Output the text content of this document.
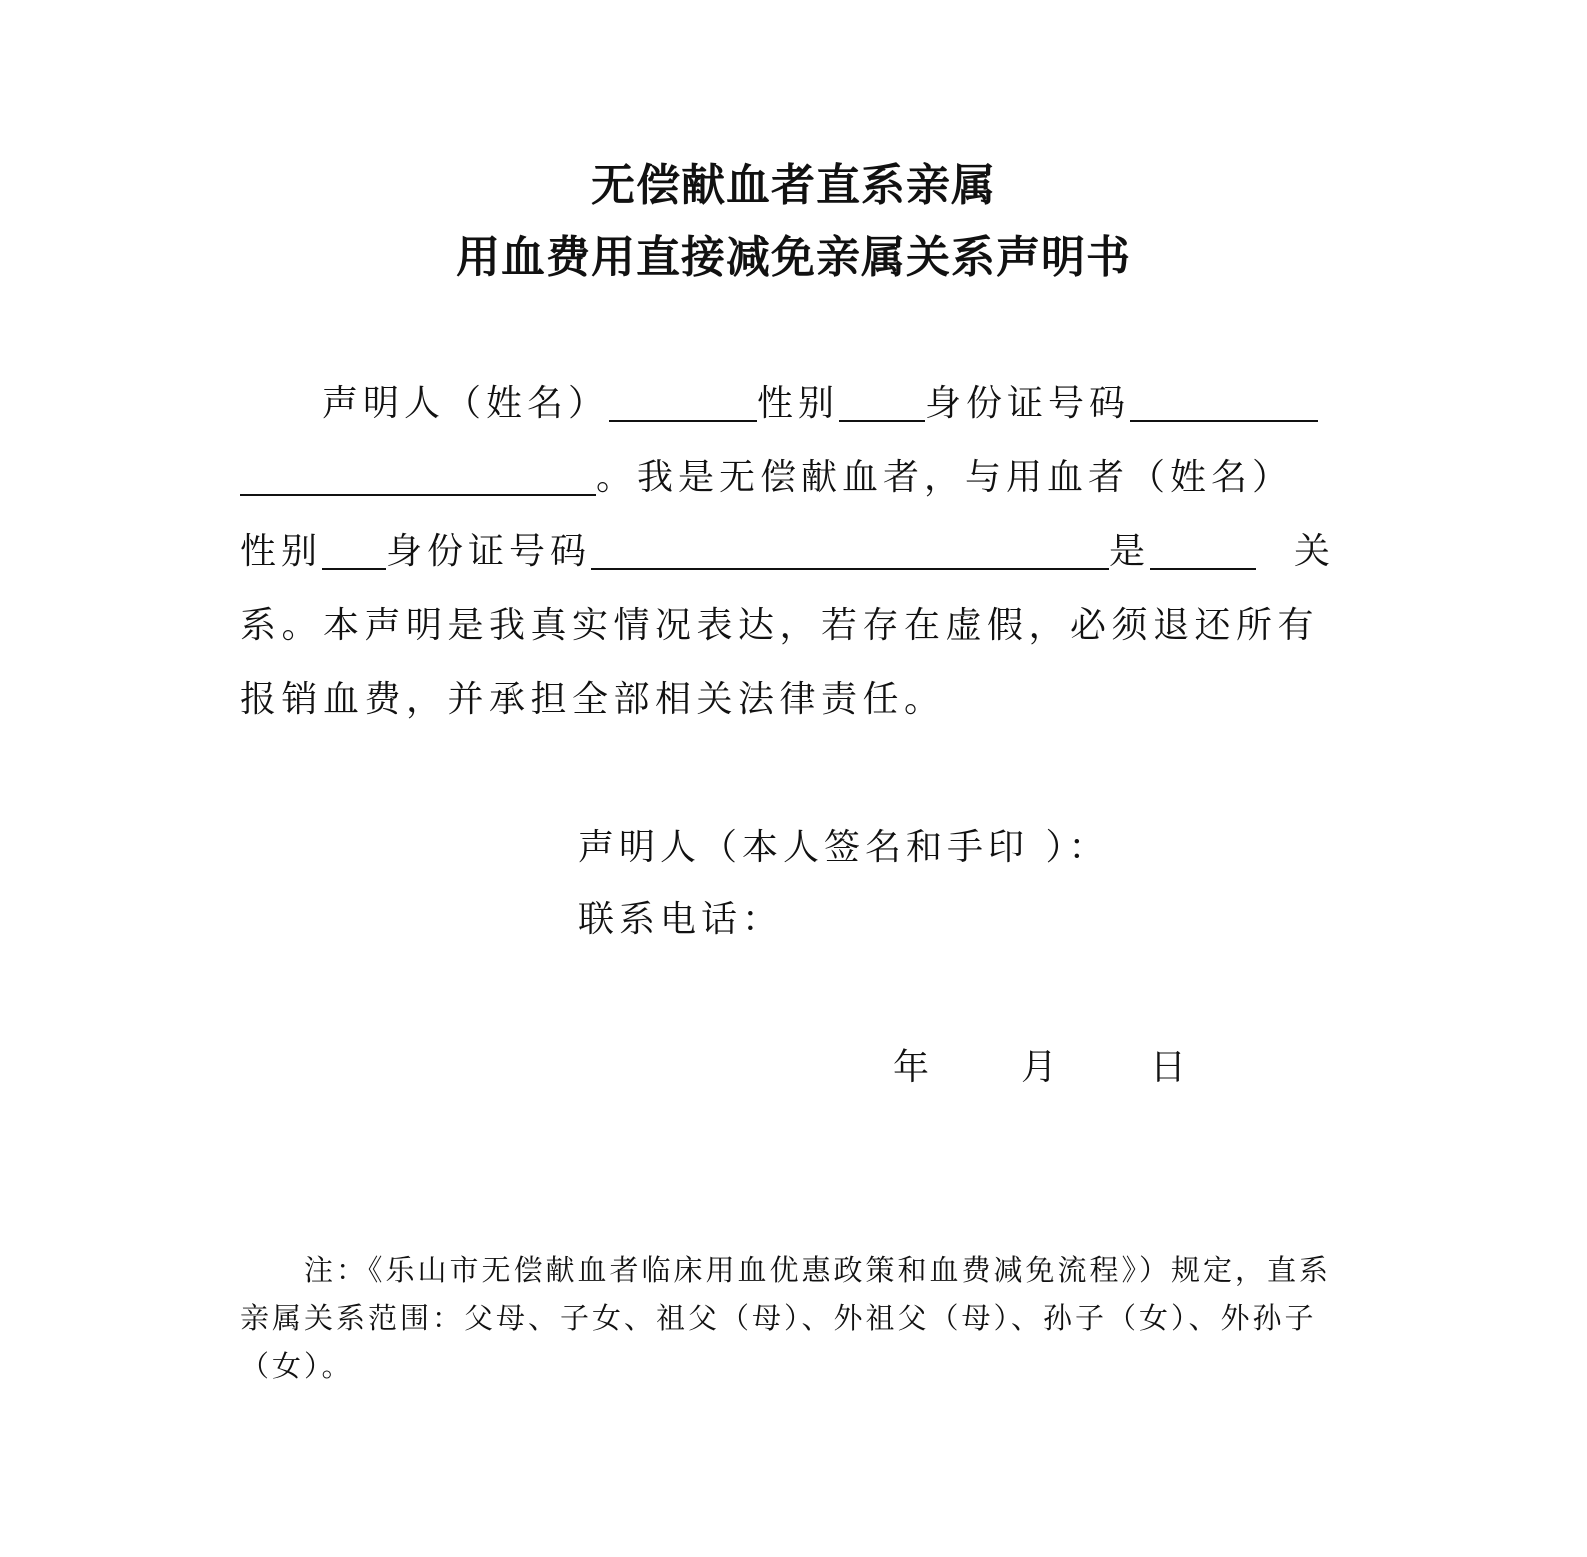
无偿献血者直系亲属
用血费用直接减免亲属关系声明书
声明人（姓名）	性别 身份证号码
。我是无偿献血者，与用血者（姓名）
性别 身份证号码	是	关
系。本声明是我真实情况表达，若存在虚假，必须退还所有
报销血费，并承担全部相关法律责任。
声明人（本人签名和手印 ）：
联系电话：
年	月	日
注：《乐山市无偿献血者临床用血优惠政策和血费减免流程》）规定，直系
亲属关系范围：父母、子女、祖父（母）、外祖父（母）、孙子（女）、外孙子
（女）。
